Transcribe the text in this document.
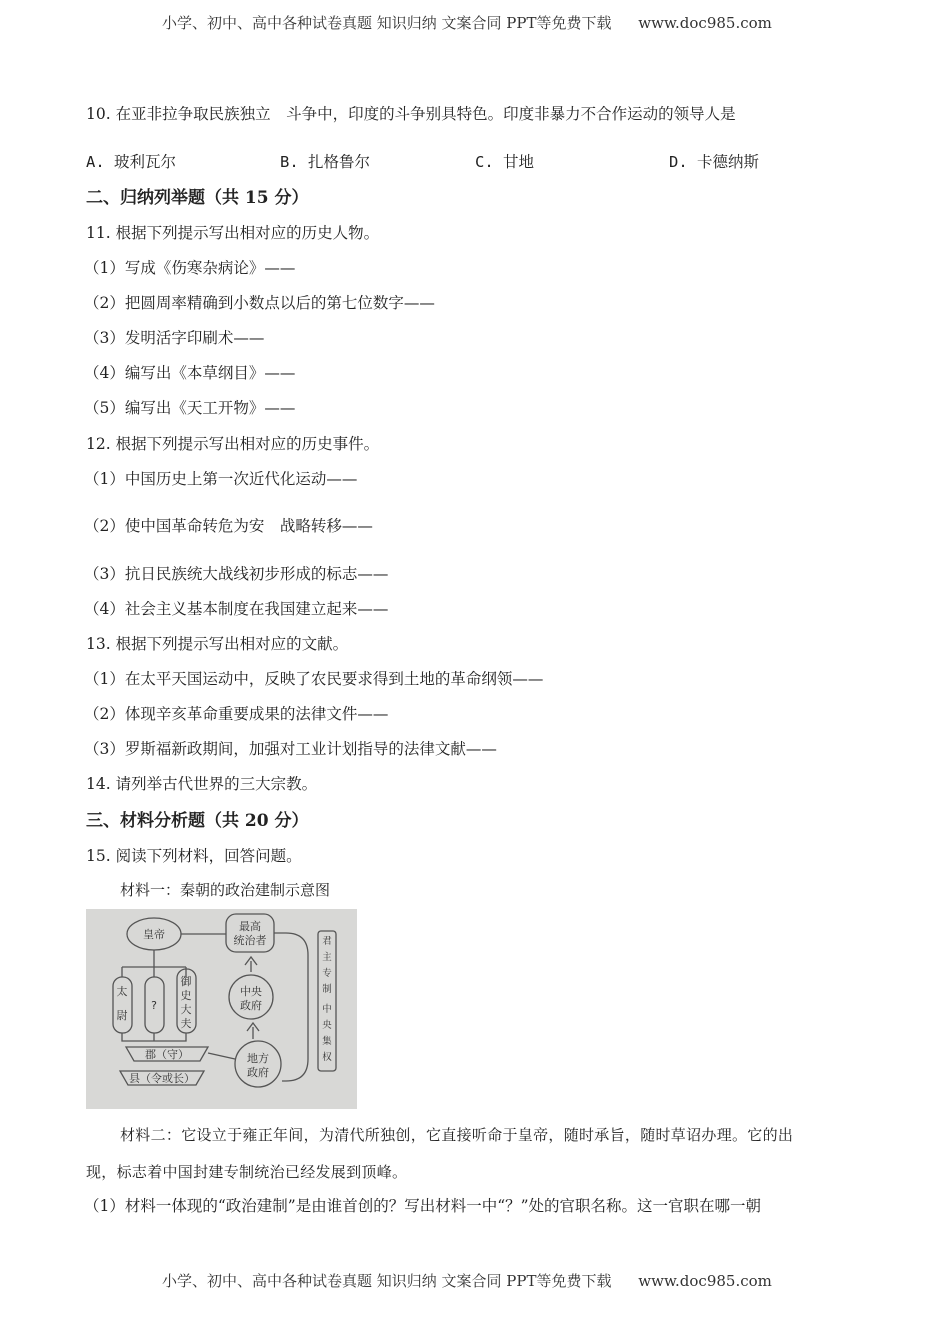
小学、初中、高中各种试卷真题 知识归纳 文案合同 PPT等免费下载 www.doc985.com
10. 在亚非拉争取民族独立　斗争中，印度的斗争别具特色。印度非暴力不合作运动的领导人是
A. 玻利瓦尔	B. 扎格鲁尔	C. 甘地	D. 卡德纳斯
二、归纳列举题（共 15 分）
11. 根据下列提示写出相对应的历史人物。
（1）写成《伤寒杂病论》——
（2）把圆周率精确到小数点以后的第七位数字——
（3）发明活字印刷术——
（4）编写出《本草纲目》——
（5）编写出《天工开物》——
12. 根据下列提示写出相对应的历史事件。
（1）中国历史上第一次近代化运动——
（2）使中国革命转危为安　战略转移——
（3）抗日民族统大战线初步形成的标志——
（4）社会主义基本制度在我国建立起来——
13. 根据下列提示写出相对应的文献。
（1）在太平天国运动中，反映了农民要求得到土地的革命纲领——
（2）体现辛亥革命重要成果的法律文件——
（3）罗斯福新政期间，加强对工业计划指导的法律文献——
14. 请列举古代世界的三大宗教。
三、材料分析题（共 20 分）
15. 阅读下列材料，回答问题。
材料一：秦朝的政治建制示意图
皇帝
最高
统治者
中央
政府
地方
政府
太
尉
?
御
史
大
夫
郡（守）
县（令或长）
君
主
专
制
中
央
集
权
材料二：它设立于雍正年间，为清代所独创，它直接听命于皇帝，随时承旨，随时草诏办理。它的出
现，标志着中国封建专制统治已经发展到顶峰。
（1）材料一体现的“政治建制”是由谁首创的？写出材料一中“？”处的官职名称。这一官职在哪一朝
小学、初中、高中各种试卷真题 知识归纳 文案合同 PPT等免费下载 www.doc985.com
